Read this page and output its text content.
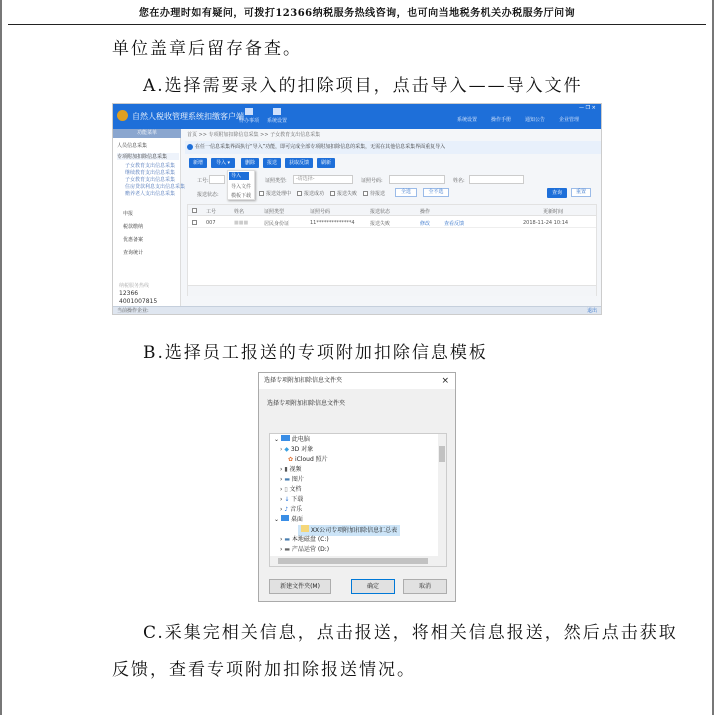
您在办理时如有疑问，可拨打12366纳税服务热线咨询，也可向当地税务机关办税服务厅问询
单位盖章后留存备查。
A.选择需要录入的扣除项目，点击导入——导入文件
自然人税收管理系统扣缴客户端
待办事项 系统设置	系统设置	操作手册	通知公告	企业管理
— ❐ ×
功能菜单
人员信息采集
专项附加扣除信息采集
子女教育支出信息采集
继续教育支出信息采集
子女教育支出信息采集
住房贷款利息支出信息采集
赡养老人支出信息采集
申报
税款缴纳
优惠备案
查询统计
纳税服务热线
12366
4001007815
首页 >> 专项附加扣除信息采集 >> 子女教育支出信息采集
在任一信息采集界面执行“导入”功能，即可完成全部专项附加扣除信息的采集，无需在其他信息采集界面重复导入
新增	导入 ▾	删除	报送	获取反馈	刷新
导入
导入文件
模板下载
工号:	证照类型:	-请选择-	证照号码:	姓名:
报送状态:	报送处理中	报送成功	报送失败	待报送	全选	全不选	查询	重置
工号	姓名	证照类型	证照号码	报送状态	操作	更新时间
007	■■■	居民身份证	11**************4	报送失败	修改	查看反馈	2018-11-24 10:14
当前操作企业:	退出
B.选择员工报送的专项附加扣除信息模板
选择专项附加扣除信息文件夹	×
选择专项附加扣除信息文件夹
⌄  此电脑
› ◆ 3D 对象
✿ iCloud 照片
› ▮ 视频
› ▬ 图片
› ▯ 文档
› ↓ 下载
› ♪ 音乐
⌄  桌面
XX公司专项附加扣除信息汇总表
› ▬ 本地磁盘 (C:)
› ▬ 产品运营 (D:)
新建文件夹(M)	确定	取消
C.采集完相关信息，点击报送，将相关信息报送，然后点击获取
反馈，查看专项附加扣除报送情况。
